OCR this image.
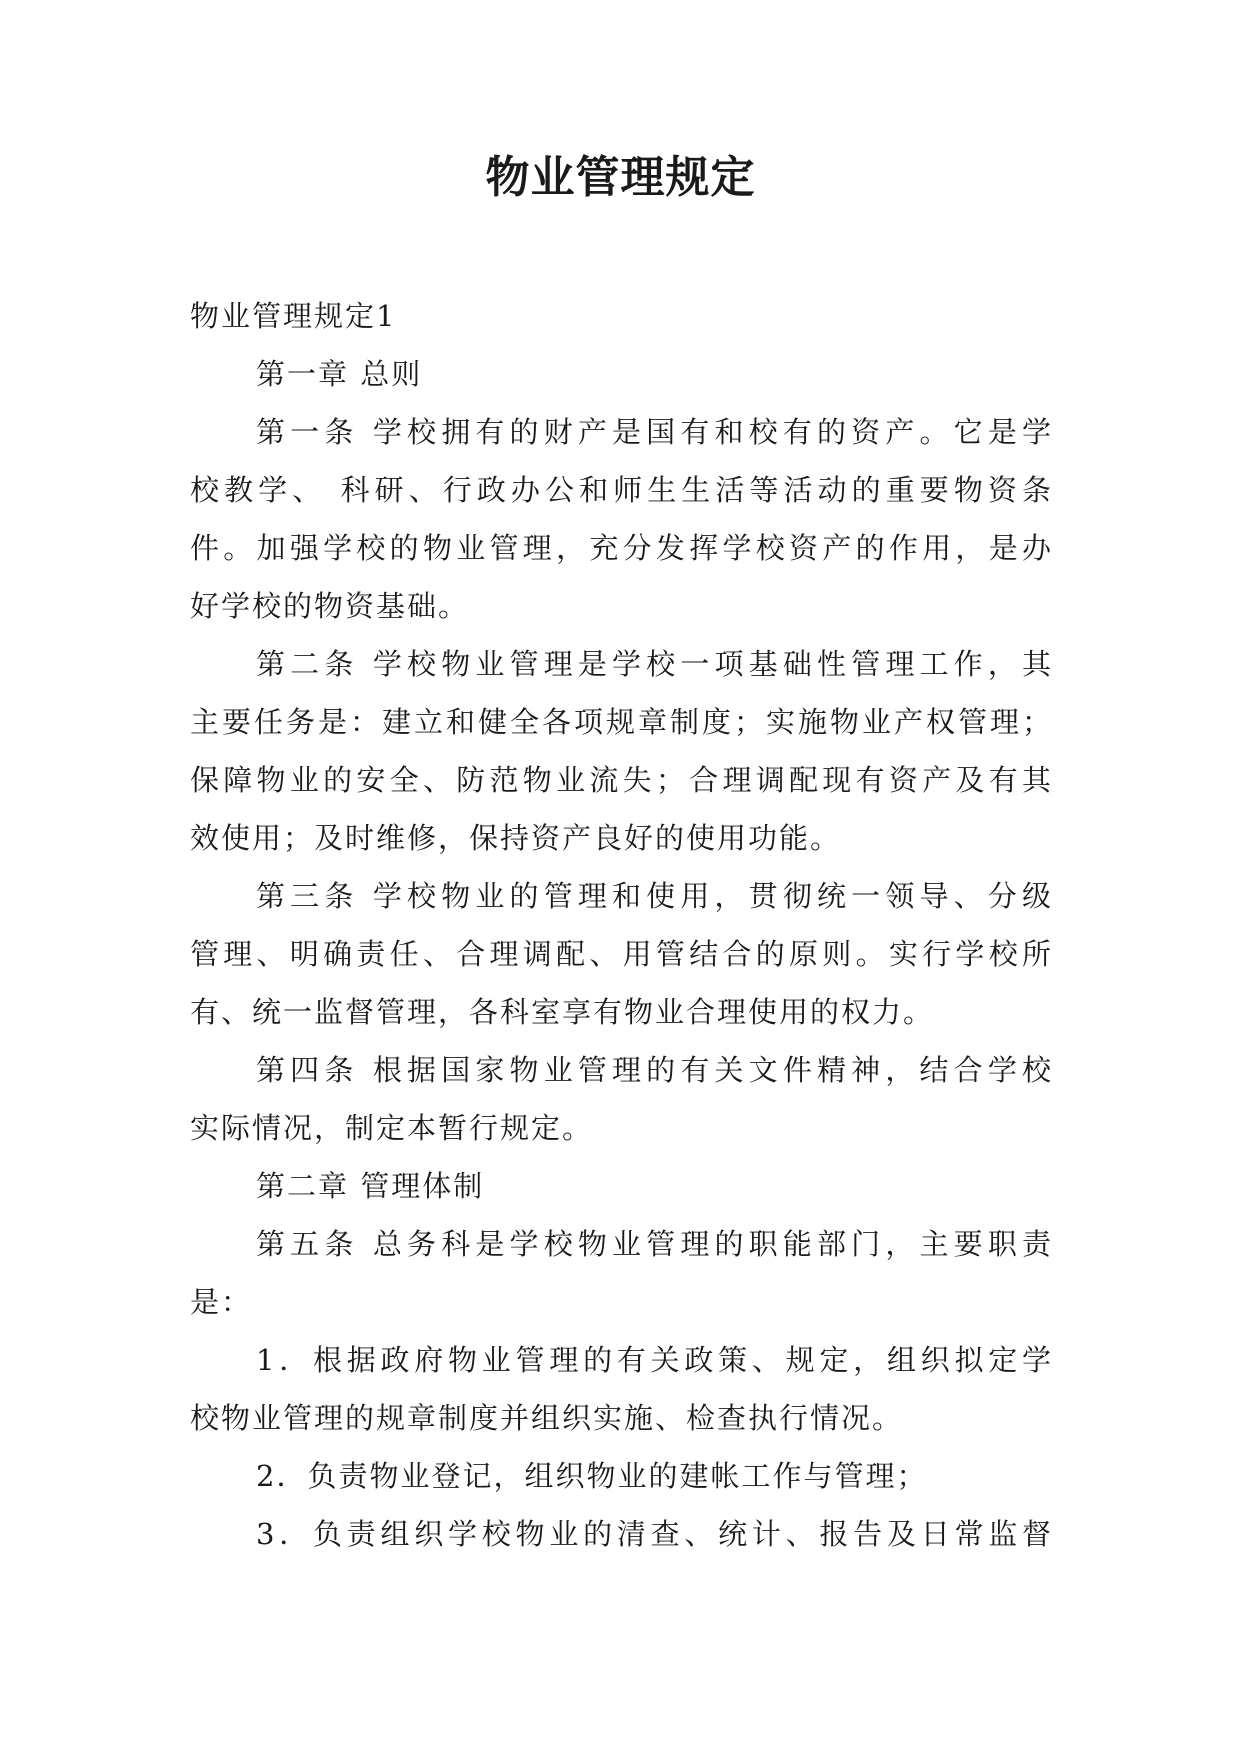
物业管理规定
物业管理规定1
第一章 总则
第一条 学校拥有的财产是国有和校有的资产。它是学
校教学、 科研、行政办公和师生生活等活动的重要物资条
件。加强学校的物业管理，充分发挥学校资产的作用，是办
好学校的物资基础。
第二条 学校物业管理是学校一项基础性管理工作，其
主要任务是：建立和健全各项规章制度；实施物业产权管理；
保障物业的安全、防范物业流失；合理调配现有资产及有其
效使用；及时维修，保持资产良好的使用功能。
第三条 学校物业的管理和使用，贯彻统一领导、分级
管理、明确责任、合理调配、用管结合的原则。实行学校所
有、统一监督管理，各科室享有物业合理使用的权力。
第四条 根据国家物业管理的有关文件精神，结合学校
实际情况，制定本暂行规定。
第二章 管理体制
第五条 总务科是学校物业管理的职能部门，主要职责
是：
1．根据政府物业管理的有关政策、规定，组织拟定学
校物业管理的规章制度并组织实施、检查执行情况。
2．负责物业登记，组织物业的建帐工作与管理；
3．负责组织学校物业的清查、统计、报告及日常监督
